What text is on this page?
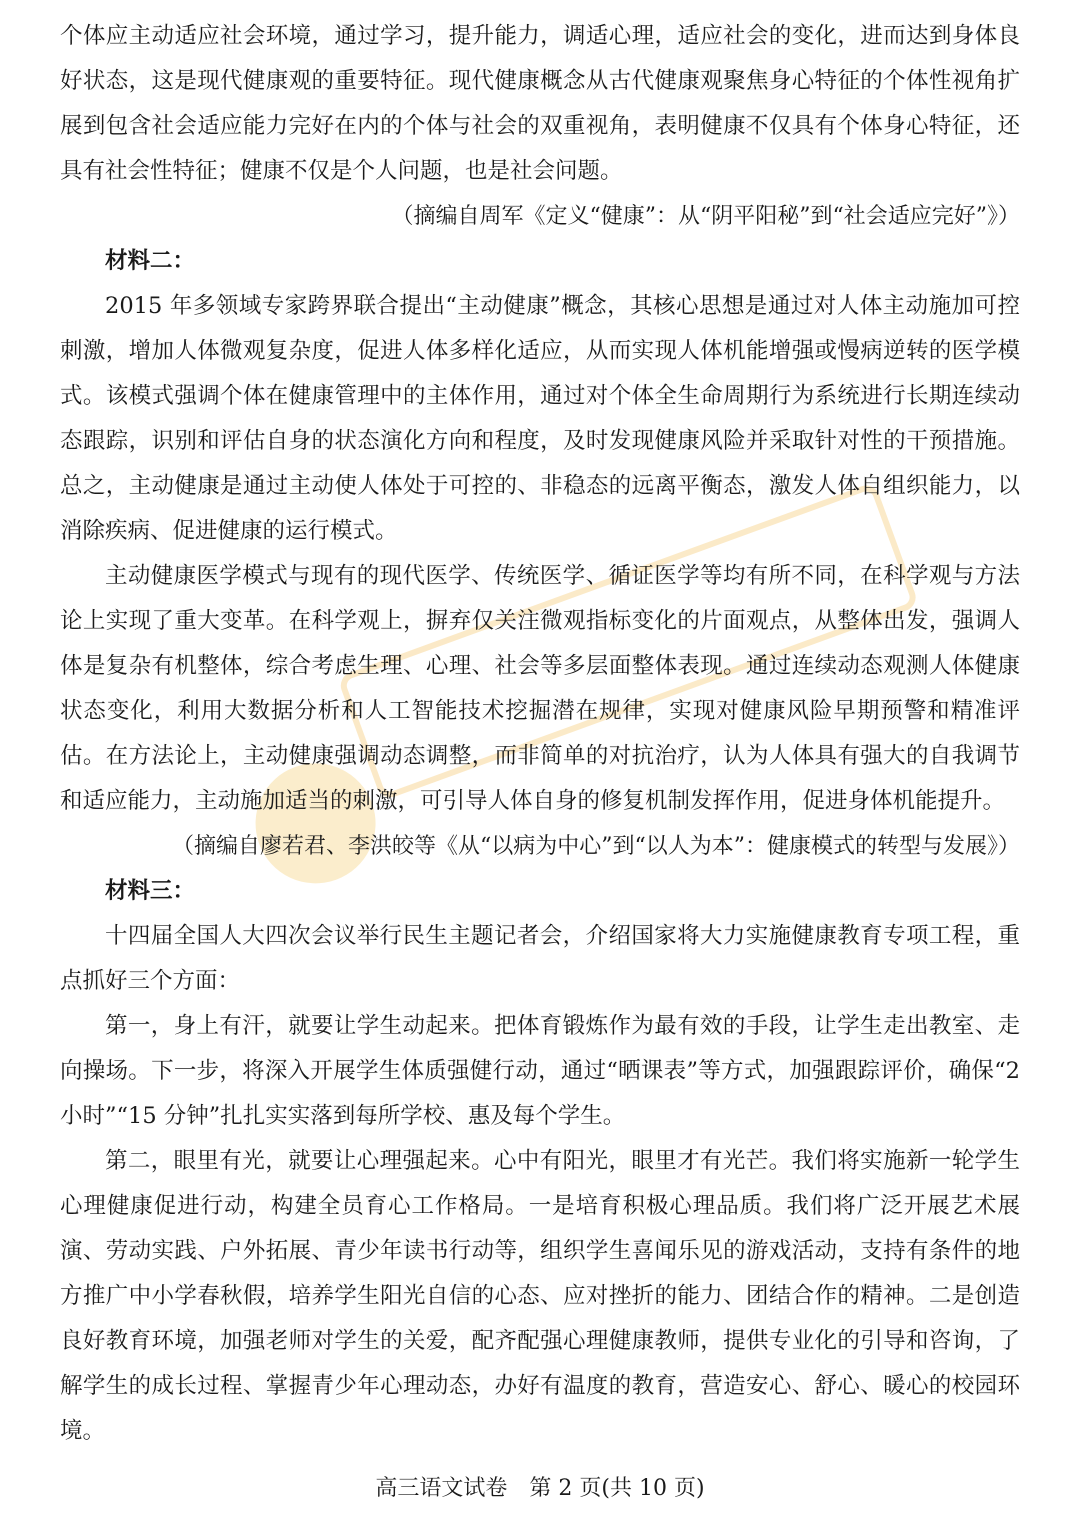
个体应主动适应社会环境，通过学习，提升能力，调适心理，适应社会的变化，进而达到身体良好状态，这是现代健康观的重要特征。现代健康概念从古代健康观聚焦身心特征的个体性视角扩展到包含社会适应能力完好在内的个体与社会的双重视角，表明健康不仅具有个体身心特征，还具有社会性特征；健康不仅是个人问题，也是社会问题。

（摘编自周军《定义“健康”：从“阴平阳秘”到“社会适应完好”》）

材料二：

2015 年多领域专家跨界联合提出“主动健康”概念，其核心思想是通过对人体主动施加可控刺激，增加人体微观复杂度，促进人体多样化适应，从而实现人体机能增强或慢病逆转的医学模式。该模式强调个体在健康管理中的主体作用，通过对个体全生命周期行为系统进行长期连续动态跟踪，识别和评估自身的状态演化方向和程度，及时发现健康风险并采取针对性的干预措施。总之，主动健康是通过主动使人体处于可控的、非稳态的远离平衡态，激发人体自组织能力，以消除疾病、促进健康的运行模式。

主动健康医学模式与现有的现代医学、传统医学、循证医学等均有所不同，在科学观与方法论上实现了重大变革。在科学观上，摒弃仅关注微观指标变化的片面观点，从整体出发，强调人体是复杂有机整体，综合考虑生理、心理、社会等多层面整体表现。通过连续动态观测人体健康状态变化，利用大数据分析和人工智能技术挖掘潜在规律，实现对健康风险早期预警和精准评估。在方法论上，主动健康强调动态调整，而非简单的对抗治疗，认为人体具有强大的自我调节和适应能力，主动施加适当的刺激，可引导人体自身的修复机制发挥作用，促进身体机能提升。

（摘编自廖若君、李洪皎等《从“以病为中心”到“以人为本”：健康模式的转型与发展》）

材料三：

十四届全国人大四次会议举行民生主题记者会，介绍国家将大力实施健康教育专项工程，重点抓好三个方面：

第一，身上有汗，就要让学生动起来。把体育锻炼作为最有效的手段，让学生走出教室、走向操场。下一步，将深入开展学生体质强健行动，通过“晒课表”等方式，加强跟踪评价，确保“2 小时”“15 分钟”扎扎实实落到每所学校、惠及每个学生。

第二，眼里有光，就要让心理强起来。心中有阳光，眼里才有光芒。我们将实施新一轮学生心理健康促进行动，构建全员育心工作格局。一是培育积极心理品质。我们将广泛开展艺术展演、劳动实践、户外拓展、青少年读书行动等，组织学生喜闻乐见的游戏活动，支持有条件的地方推广中小学春秋假，培养学生阳光自信的心态、应对挫折的能力、团结合作的精神。二是创造良好教育环境，加强老师对学生的关爱，配齐配强心理健康教师，提供专业化的引导和咨询，了解学生的成长过程、掌握青少年心理动态，办好有温度的教育，营造安心、舒心、暖心的校园环境。

高三语文试卷　第 2 页(共 10 页)
